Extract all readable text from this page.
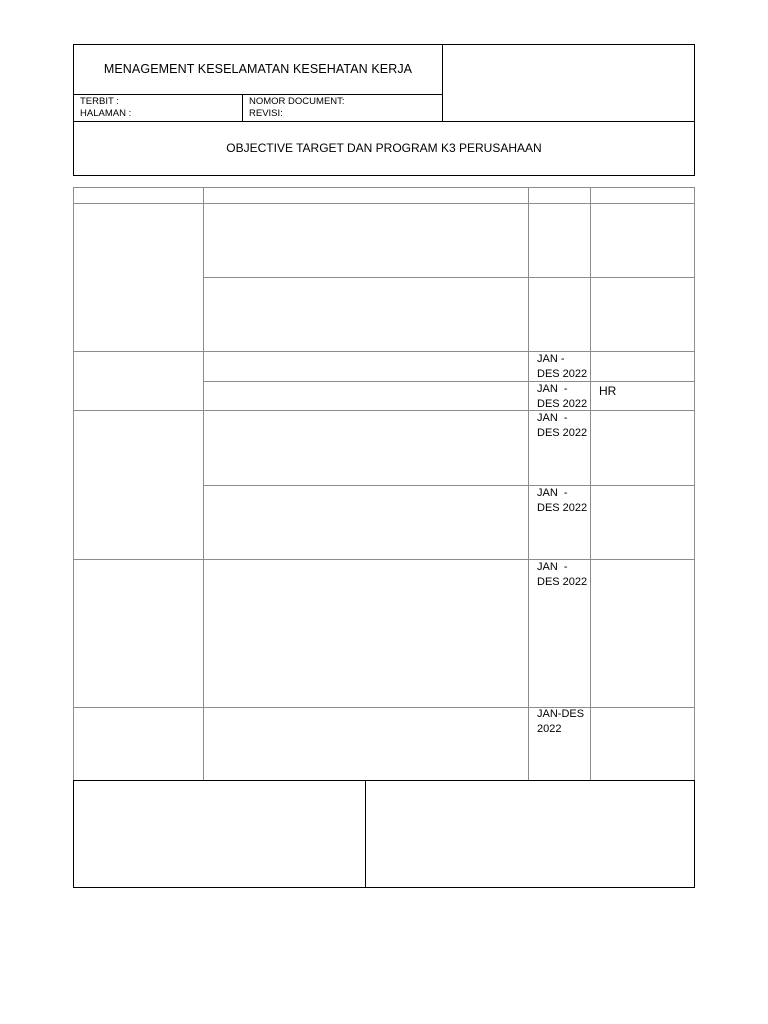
MENAGEMENT KESELAMATAN KESEHATAN KERJA
TERBIT :
HALAMAN :
NOMOR DOCUMENT:
REVISI:
OBJECTIVE TARGET DAN PROGRAM K3 PERUSAHAAN
JAN -
DES 2022
JAN  -
DES 2022
HR
JAN  -
DES 2022
JAN  -
DES 2022
JAN  -
DES 2022
JAN-DES
2022
